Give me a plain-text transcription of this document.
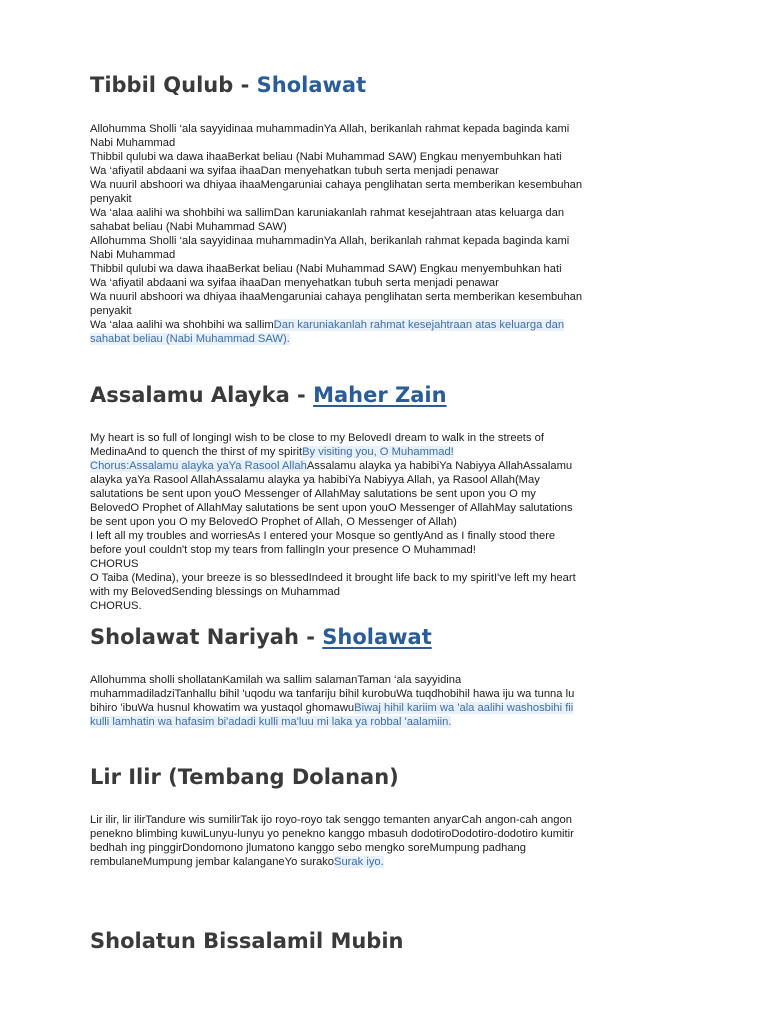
Tibbil Qulub - Sholawat
Allohumma Sholli ‘ala sayyidinaa muhammadinYa Allah, berikanlah rahmat kepada baginda kami
Nabi Muhammad
Thibbil qulubi wa dawa ihaaBerkat beliau (Nabi Muhammad SAW) Engkau menyembuhkan hati
Wa ‘afiyatil abdaani wa syifaa ihaaDan menyehatkan tubuh serta menjadi penawar
Wa nuuril abshoori wa dhiyaa ihaaMengaruniai cahaya penglihatan serta memberikan kesembuhan
penyakit
Wa ‘alaa aalihi wa shohbihi wa sallimDan karuniakanlah rahmat kesejahtraan atas keluarga dan
sahabat beliau (Nabi Muhammad SAW)
Allohumma Sholli ‘ala sayyidinaa muhammadinYa Allah, berikanlah rahmat kepada baginda kami
Nabi Muhammad
Thibbil qulubi wa dawa ihaaBerkat beliau (Nabi Muhammad SAW) Engkau menyembuhkan hati
Wa ‘afiyatil abdaani wa syifaa ihaaDan menyehatkan tubuh serta menjadi penawar
Wa nuuril abshoori wa dhiyaa ihaaMengaruniai cahaya penglihatan serta memberikan kesembuhan
penyakit
Wa ‘alaa aalihi wa shohbihi wa sallimDan karuniakanlah rahmat kesejahtraan atas keluarga dan
sahabat beliau (Nabi Muhammad SAW).
Assalamu Alayka - Maher Zain
My heart is so full of longingI wish to be close to my BelovedI dream to walk in the streets of
MedinaAnd to quench the thirst of my spiritBy visiting you, O Muhammad!
Chorus:Assalamu alayka yaYa Rasool AllahAssalamu alayka ya habibiYa Nabiyya AllahAssalamu
alayka yaYa Rasool AllahAssalamu alayka ya habibiYa Nabiyya Allah, ya Rasool Allah(May
salutations be sent upon youO Messenger of AllahMay salutations be sent upon you O my
BelovedO Prophet of AllahMay salutations be sent upon youO Messenger of AllahMay salutations
be sent upon you O my BelovedO Prophet of Allah, O Messenger of Allah)
I left all my troubles and worriesAs I entered your Mosque so gentlyAnd as I finally stood there
before youI couldn't stop my tears from fallingIn your presence O Muhammad!
CHORUS
O Taiba (Medina), your breeze is so blessedIndeed it brought life back to my spiritI've left my heart
with my BelovedSending blessings on Muhammad
CHORUS.
Sholawat Nariyah - Sholawat
Allohumma sholli shollatanKamilah wa sallim salamanTaman ‘ala sayyidina
muhammadiladziTanhallu bihil 'uqodu wa tanfariju bihil kurobuWa tuqdhobihil hawa iju wa tunna lu
bihiro 'ibuWa husnul khowatim wa yustaqol ghomawuBiwaj hihil kariim wa 'ala aalihi washosbihi fii
kulli lamhatin wa hafasim bi'adadi kulli ma'luu mi laka ya robbal 'aalamiin.
Lir Ilir (Tembang Dolanan)
Lir ilir, lir ilirTandure wis sumilirTak ijo royo-royo tak senggo temanten anyarCah angon-cah angon
penekno blimbing kuwiLunyu-lunyu yo penekno kanggo mbasuh dodotiroDodotiro-dodotiro kumitir
bedhah ing pinggirDondomono jlumatono kanggo sebo mengko soreMumpung padhang
rembulaneMumpung jembar kalanganeYo surakoSurak iyo.
Sholatun Bissalamil Mubin
